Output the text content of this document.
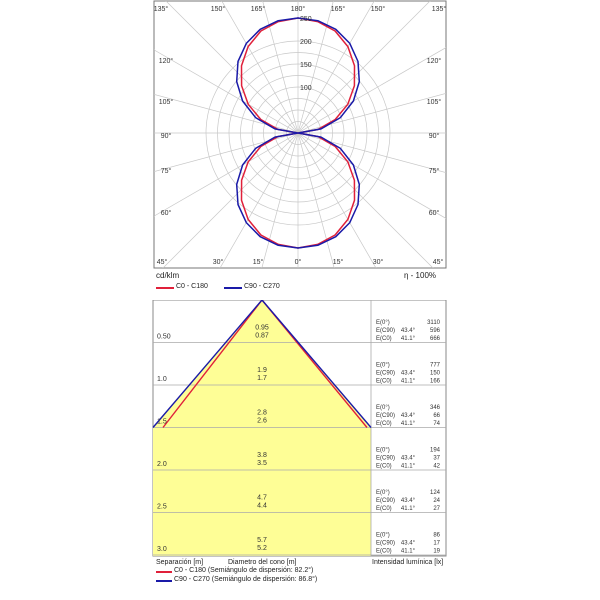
100
150
200
250
135°	150°	165°	180°	165°	150°	135°
30°	15°	0°	15°	30°
45°	45°
120°
105°
90°
75°
60°
120°
105°
90°
75°
60°
cd/klm	η - 100%
C0 - C180	C90 - C270
0.50
0.95
0.87
E(0°)	3110
E(C90) 43.4° 596
E(C0) 41.1° 666
1.0
1.9
1.7
E(0°)	777
E(C90) 43.4° 150
E(C0) 41.1° 166
1.5
2.8
2.6
E(0°)	346
E(C90) 43.4°	66
E(C0) 41.1°	74
2.0
3.8
3.5
E(0°)	194
E(C90) 43.4°	37
E(C0) 41.1°	42
2.5
4.7
4.4
E(0°)	124
E(C90) 43.4°	24
E(C0) 41.1°	27
3.0
5.7
5.2
E(0°)	86
E(C90) 43.4°	17
E(C0) 41.1°	19
Separación [m]	Diametro del cono [m]	Intensidad lumínica [lx]
C0 - C180 (Semiángulo de dispersión: 82.2°)
C90 - C270 (Semiángulo de dispersión: 86.8°)
